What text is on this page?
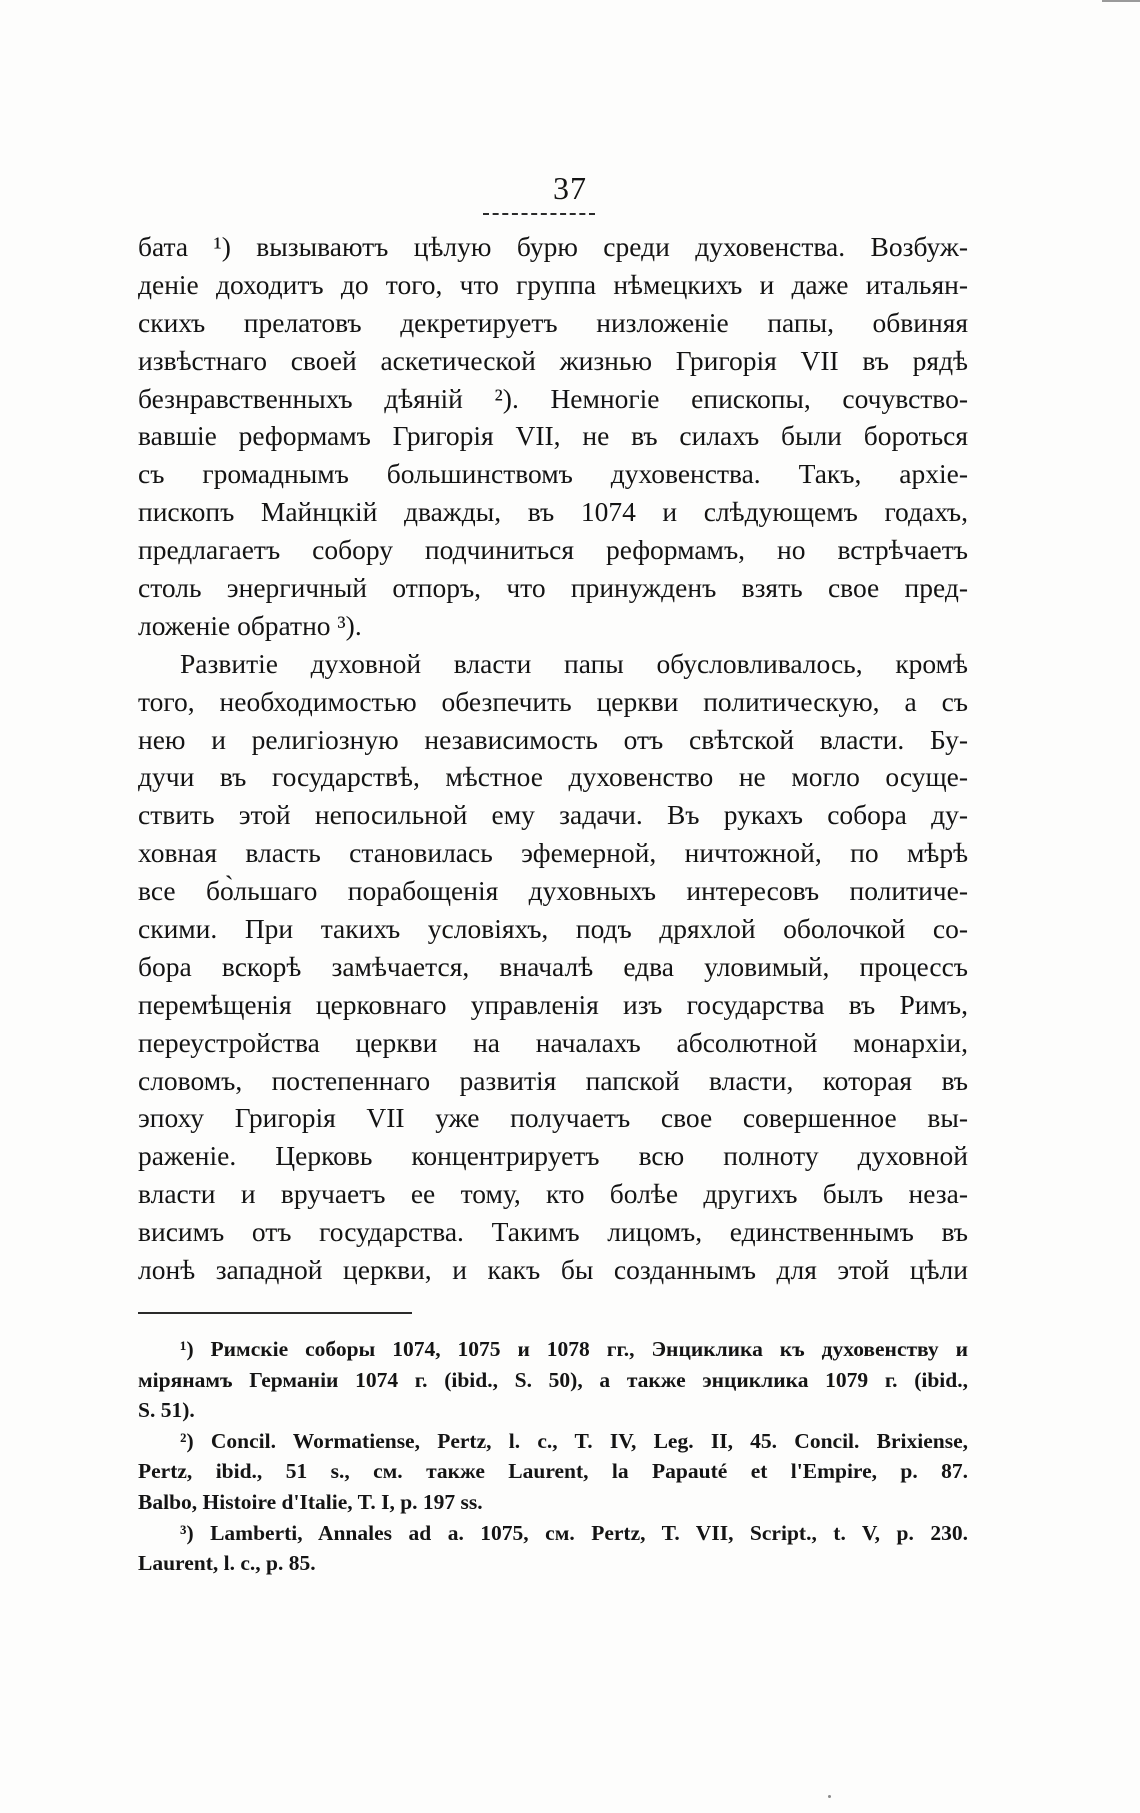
37
бата ¹) вызываютъ цѣлую бурю среди духовенства. Возбуж-
денiе доходитъ до того, что группа нѣмецкихъ и даже итальян-
скихъ прелатовъ декретируетъ низложенiе папы, обвиняя
извѣстнаго своей аскетической жизнью Григорiя VII въ рядѣ
безнравственныхъ дѣянiй ²). Немногiе епископы, сочувство-
вавшiе реформамъ Григорiя VII, не въ силахъ были бороться
съ громаднымъ большинствомъ духовенства. Такъ, архiе-
пископъ Майнцкiй дважды, въ 1074 и слѣдующемъ годахъ,
предлагаетъ собору подчиниться реформамъ, но встрѣчаетъ
столь энергичный отпоръ, что принужденъ взять свое пред-
ложенiе обратно ³).
Развитiе духовной власти папы обусловливалось, кромѣ
того, необходимостью обезпечить церкви политическую, а съ
нею и религiозную независимость отъ свѣтской власти. Бу-
дучи въ государствѣ, мѣстное духовенство не могло осуще-
ствить этой непосильной ему задачи. Въ рукахъ собора ду-
ховная власть становилась эфемерной, ничтожной, по мѣрѣ
все бо̀льшаго порабощенiя духовныхъ интересовъ политиче-
скими. При такихъ условiяхъ, подъ дряхлой оболочкой со-
бора вскорѣ замѣчается, вначалѣ едва уловимый, процессъ
перемѣщенiя церковнаго управленiя изъ государства въ Римъ,
переустройства церкви на началахъ абсолютной монархiи,
словомъ, постепеннаго развитiя папской власти, которая въ
эпоху Григорiя VII уже получаетъ свое совершенное вы-
раженiе. Церковь концентрируетъ всю полноту духовной
власти и вручаетъ ее тому, кто болѣе другихъ былъ неза-
висимъ отъ государства. Такимъ лицомъ, единственнымъ въ
лонѣ западной церкви, и какъ бы созданнымъ для этой цѣли
¹) Римскiе соборы 1074, 1075 и 1078 гг., Энциклика къ духовенству и
мiрянамъ Германiи 1074 г. (ibid., S. 50), а также энциклика 1079 г. (ibid.,
S. 51).
²) Concil. Wormatiense, Pertz, l. c., T. IV, Leg. II, 45. Concil. Brixiense,
Pertz, ibid., 51 s., см. также Laurent, la Papauté et l'Empire, p. 87.
Balbo, Histoire d'Italie, T. I, p. 197 ss.
³) Lamberti, Annales ad a. 1075, см. Pertz, T. VII, Script., t. V, p. 230.
Laurent, l. c., p. 85.
